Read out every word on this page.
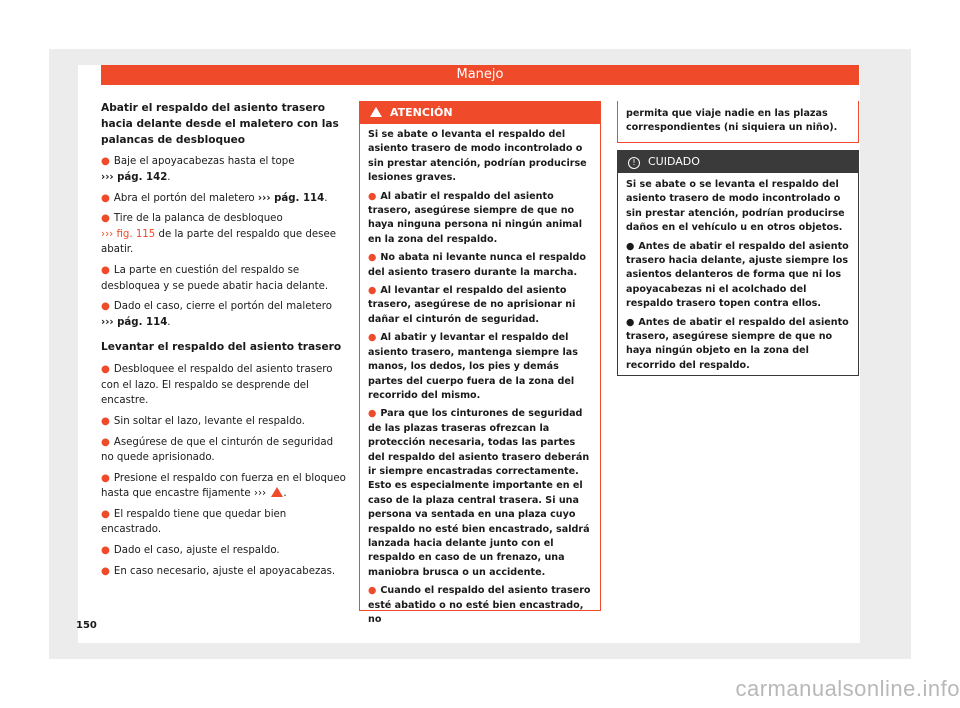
Manejo
Abatir el respaldo del asiento trasero hacia delante desde el maletero con las palancas de desbloqueo

● Baje el apoyacabezas hasta el tope
››› pág. 142.

● Abra el portón del maletero ››› pág. 114.

● Tire de la palanca de desbloqueo
››› fig. 115 de la parte del respaldo que desee abatir.

● La parte en cuestión del respaldo se desbloquea y se puede abatir hacia delante.

● Dado el caso, cierre el portón del maletero
››› pág. 114.

Levantar el respaldo del asiento trasero

● Desbloquee el respaldo del asiento trasero con el lazo. El respaldo se desprende del encastre.

● Sin soltar el lazo, levante el respaldo.

● Asegúrese de que el cinturón de seguridad no quede aprisionado.

● Presione el respaldo con fuerza en el bloqueo hasta que encastre fijamente ››› .

● El respaldo tiene que quedar bien encastrado.

● Dado el caso, ajuste el respaldo.

● En caso necesario, ajuste el apoyacabezas.

ATENCIÓN

Si se abate o levanta el respaldo del asiento trasero de modo incontrolado o sin prestar atención, podrían producirse lesiones graves.

● Al abatir el respaldo del asiento trasero, asegúrese siempre de que no haya ninguna persona ni ningún animal en la zona del respaldo.

● No abata ni levante nunca el respaldo del asiento trasero durante la marcha.

● Al levantar el respaldo del asiento trasero, asegúrese de no aprisionar ni dañar el cinturón de seguridad.

● Al abatir y levantar el respaldo del asiento trasero, mantenga siempre las manos, los dedos, los pies y demás partes del cuerpo fuera de la zona del recorrido del mismo.

● Para que los cinturones de seguridad de las plazas traseras ofrezcan la protección necesaria, todas las partes del respaldo del asiento trasero deberán ir siempre encastradas correctamente. Esto es especialmente importante en el caso de la plaza central trasera. Si una persona va sentada en una plaza cuyo respaldo no esté bien encastrado, saldrá lanzada hacia delante junto con el respaldo en caso de un frenazo, una maniobra brusca o un accidente.

● Cuando el respaldo del asiento trasero esté abatido o no esté bien encastrado, no

permita que viaje nadie en las plazas correspondientes (ni siquiera un niño).
! CUIDADO

Si se abate o se levanta el respaldo del asiento trasero de modo incontrolado o sin prestar atención, podrían producirse daños en el vehículo u en otros objetos.

● Antes de abatir el respaldo del asiento trasero hacia delante, ajuste siempre los asientos delanteros de forma que ni los apoyacabezas ni el acolchado del respaldo trasero topen contra ellos.

● Antes de abatir el respaldo del asiento trasero, asegúrese siempre de que no haya ningún objeto en la zona del recorrido del respaldo.

150
carmanualsonline.info
